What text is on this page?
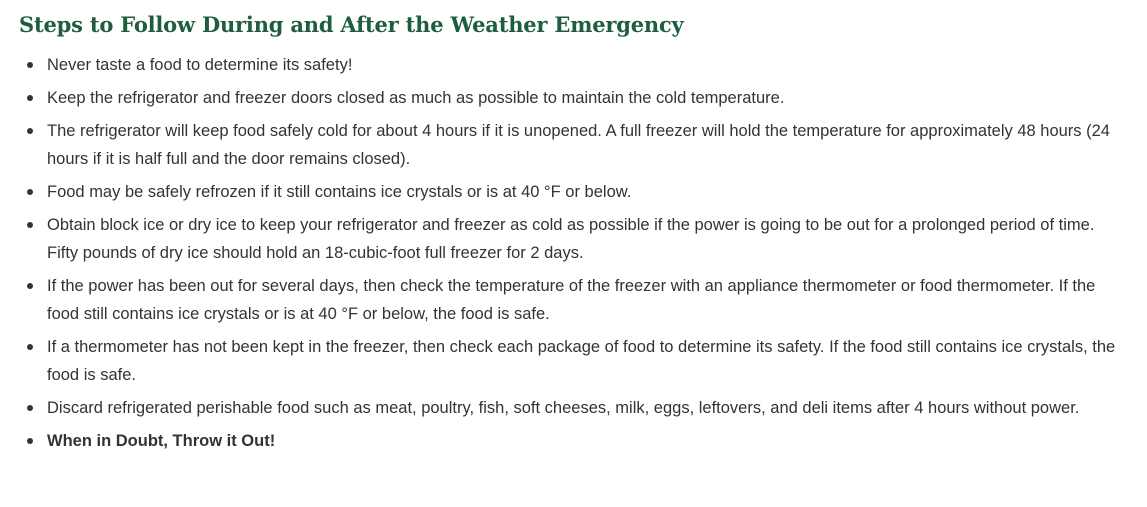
Steps to Follow During and After the Weather Emergency
Never taste a food to determine its safety!
Keep the refrigerator and freezer doors closed as much as possible to maintain the cold temperature.
The refrigerator will keep food safely cold for about 4 hours if it is unopened. A full freezer will hold the temperature for approximately 48 hours (24 hours if it is half full and the door remains closed).
Food may be safely refrozen if it still contains ice crystals or is at 40 °F or below.
Obtain block ice or dry ice to keep your refrigerator and freezer as cold as possible if the power is going to be out for a prolonged period of time. Fifty pounds of dry ice should hold an 18-cubic-foot full freezer for 2 days.
If the power has been out for several days, then check the temperature of the freezer with an appliance thermometer or food thermometer. If the food still contains ice crystals or is at 40 °F or below, the food is safe.
If a thermometer has not been kept in the freezer, then check each package of food to determine its safety. If the food still contains ice crystals, the food is safe.
Discard refrigerated perishable food such as meat, poultry, fish, soft cheeses, milk, eggs, leftovers, and deli items after 4 hours without power.
When in Doubt, Throw it Out!
